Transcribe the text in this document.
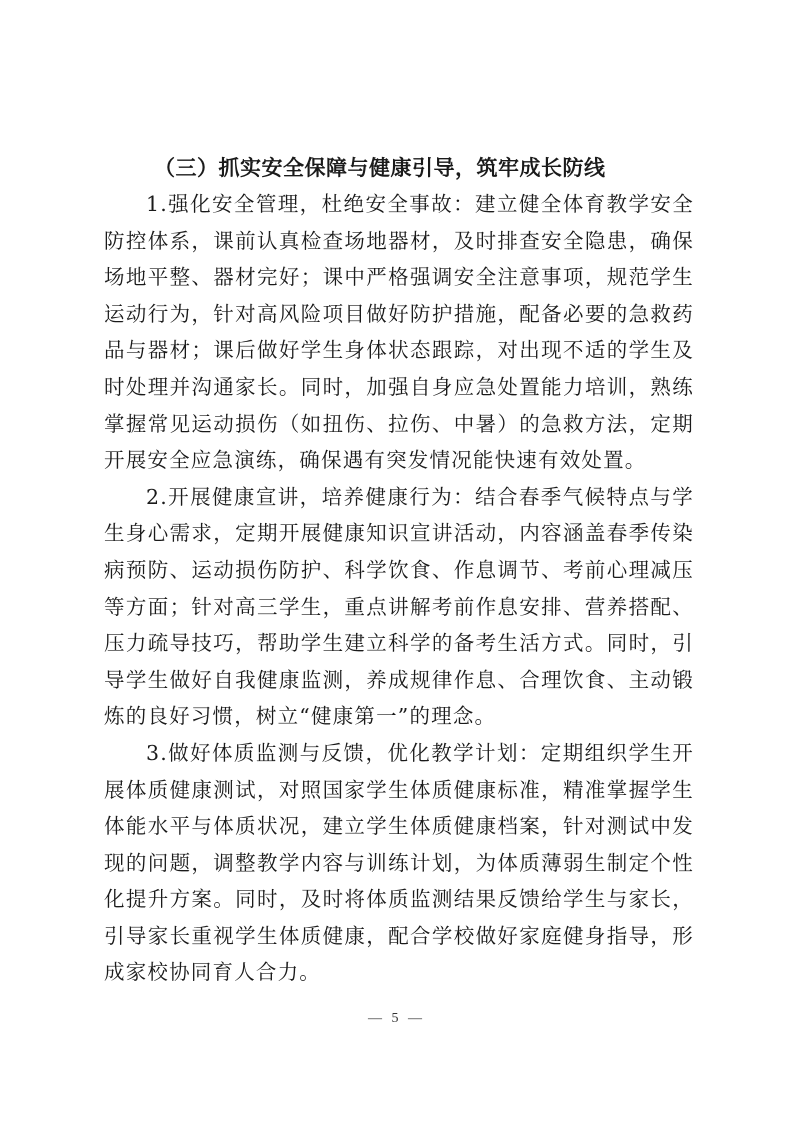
（三）抓实安全保障与健康引导，筑牢成长防线

1.强化安全管理，杜绝安全事故：建立健全体育教学安全防控体系，课前认真检查场地器材，及时排查安全隐患，确保场地平整、器材完好；课中严格强调安全注意事项，规范学生运动行为，针对高风险项目做好防护措施，配备必要的急救药品与器材；课后做好学生身体状态跟踪，对出现不适的学生及时处理并沟通家长。同时，加强自身应急处置能力培训，熟练掌握常见运动损伤（如扭伤、拉伤、中暑）的急救方法，定期开展安全应急演练，确保遇有突发情况能快速有效处置。

2.开展健康宣讲，培养健康行为：结合春季气候特点与学生身心需求，定期开展健康知识宣讲活动，内容涵盖春季传染病预防、运动损伤防护、科学饮食、作息调节、考前心理减压等方面；针对高三学生，重点讲解考前作息安排、营养搭配、压力疏导技巧，帮助学生建立科学的备考生活方式。同时，引导学生做好自我健康监测，养成规律作息、合理饮食、主动锻炼的良好习惯，树立“健康第一”的理念。

3.做好体质监测与反馈，优化教学计划：定期组织学生开展体质健康测试，对照国家学生体质健康标准，精准掌握学生体能水平与体质状况，建立学生体质健康档案，针对测试中发现的问题，调整教学内容与训练计划，为体质薄弱生制定个性化提升方案。同时，及时将体质监测结果反馈给学生与家长，引导家长重视学生体质健康，配合学校做好家庭健身指导，形成家校协同育人合力。

— 5 —
